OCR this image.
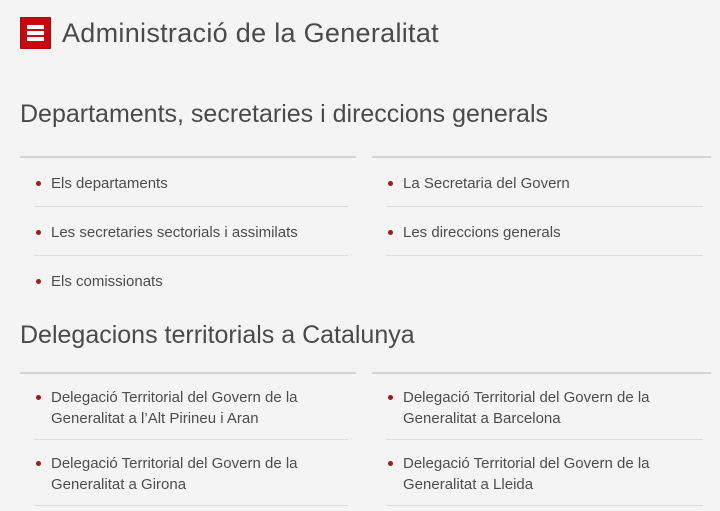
Administració de la Generalitat
Departaments, secretaries i direccions generals
Els departaments
Les secretaries sectorials i assimilats
Els comissionats
La Secretaria del Govern
Les direccions generals
Delegacions territorials a Catalunya
Delegació Territorial del Govern de la Generalitat a l’Alt Pirineu i Aran
Delegació Territorial del Govern de la Generalitat a Girona
Delegació Territorial del Govern de la Generalitat a Barcelona
Delegació Territorial del Govern de la Generalitat a Lleida
